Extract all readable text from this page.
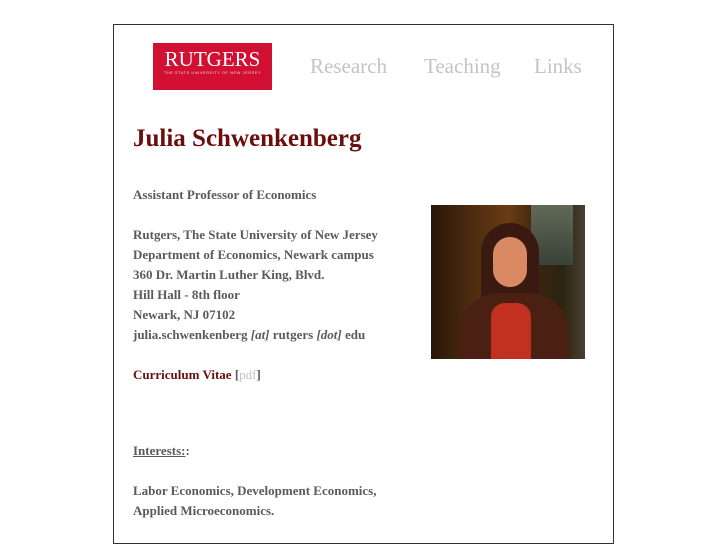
RUTGERS
THE STATE UNIVERSITY OF NEW JERSEY	Research Teaching Links
Julia Schwenkenberg
Assistant Professor of Economics
Rutgers, The State University of New Jersey
Department of Economics, Newark campus
360 Dr. Martin Luther King, Blvd.
Hill Hall - 8th floor
Newark, NJ 07102
julia.schwenkenberg [at] rutgers [dot] edu
Curriculum Vitae [pdf]
Interests::
Labor Economics, Development Economics,
Applied Microeconomics.
